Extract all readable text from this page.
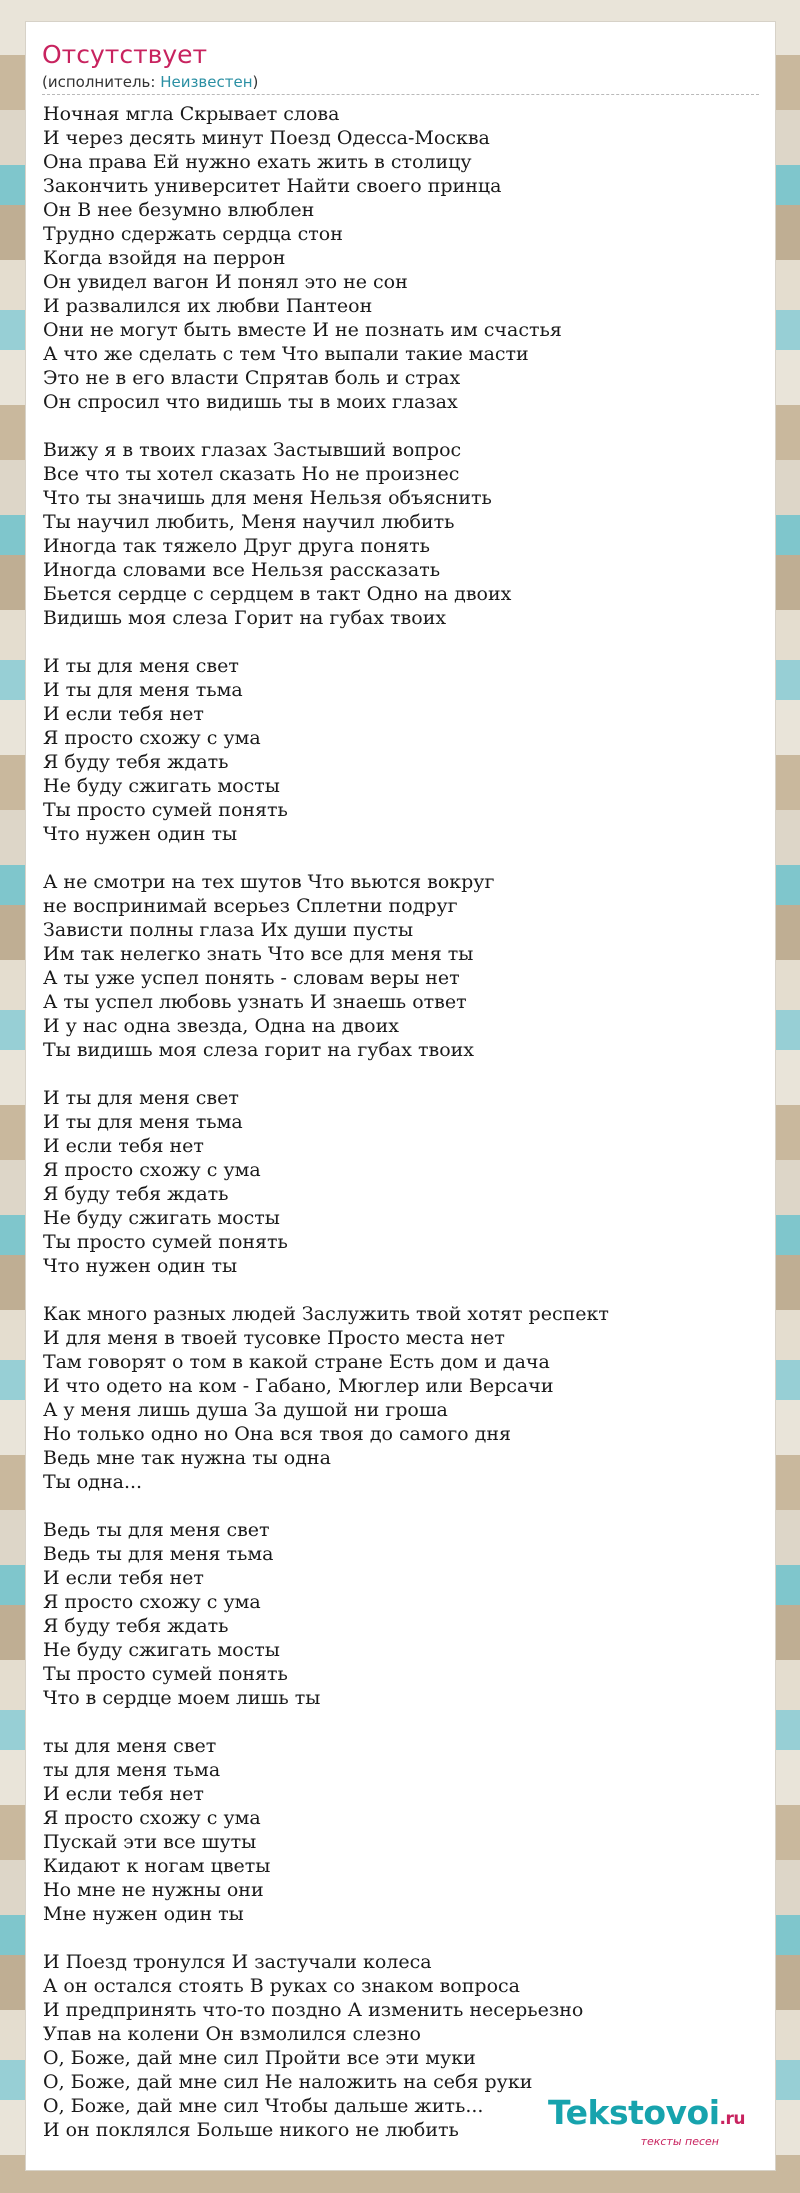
Отсутствует
(исполнитель: Неизвестен)
Ночная мгла Скрывает слова
И через десять минут Поезд Одесса-Москва
Она права Ей нужно ехать жить в столицу
Закончить университет Найти своего принца
Он В нее безумно влюблен
Трудно сдержать сердца стон
Когда взойдя на перрон
Он увидел вагон И понял это не сон
И развалился их любви Пантеон
Они не могут быть вместе И не познать им счастья
А что же сделать с тем Что выпали такие масти
Это не в его власти Спрятав боль и страх
Он спросил что видишь ты в моих глазах
Вижу я в твоих глазах Застывший вопрос
Все что ты хотел сказать Но не произнес
Что ты значишь для меня Нельзя объяснить
Ты научил любить, Меня научил любить
Иногда так тяжело Друг друга понять
Иногда словами все Нельзя рассказать
Бьется сердце с сердцем в такт Одно на двоих
Видишь моя слеза Горит на губах твоих
И ты для меня свет
И ты для меня тьма
И если тебя нет
Я просто схожу с ума
Я буду тебя ждать
Не буду сжигать мосты
Ты просто сумей понять
Что нужен один ты
А не смотри на тех шутов Что вьются вокруг
не воспринимай всерьез Сплетни подруг
Зависти полны глаза Их души пусты
Им так нелегко знать Что все для меня ты
А ты уже успел понять - словам веры нет
А ты успел любовь узнать И знаешь ответ
И у нас одна звезда, Одна на двоих
Ты видишь моя слеза горит на губах твоих
И ты для меня свет
И ты для меня тьма
И если тебя нет
Я просто схожу с ума
Я буду тебя ждать
Не буду сжигать мосты
Ты просто сумей понять
Что нужен один ты
Как много разных людей Заслужить твой хотят респект
И для меня в твоей тусовке Просто места нет
Там говорят о том в какой стране Есть дом и дача
И что одето на ком - Габано, Мюглер или Версачи
А у меня лишь душа За душой ни гроша
Но только одно но Она вся твоя до самого дня
Ведь мне так нужна ты одна
Ты одна...
Ведь ты для меня свет
Ведь ты для меня тьма
И если тебя нет
Я просто схожу с ума
Я буду тебя ждать
Не буду сжигать мосты
Ты просто сумей понять
Что в сердце моем лишь ты
ты для меня свет
ты для меня тьма
И если тебя нет
Я просто схожу с ума
Пускай эти все шуты
Кидают к ногам цветы
Но мне не нужны они
Мне нужен один ты
И Поезд тронулся И застучали колеса
А он остался стоять В руках со знаком вопроса
И предпринять что-то поздно А изменить несерьезно
Упав на колени Он взмолился слезно
О, Боже, дай мне сил Пройти все эти муки
О, Боже, дай мне сил Не наложить на себя руки
О, Боже, дай мне сил Чтобы дальше жить...
И он поклялся Больше никого не любить	Tekstovoi.ru
тексты песен
